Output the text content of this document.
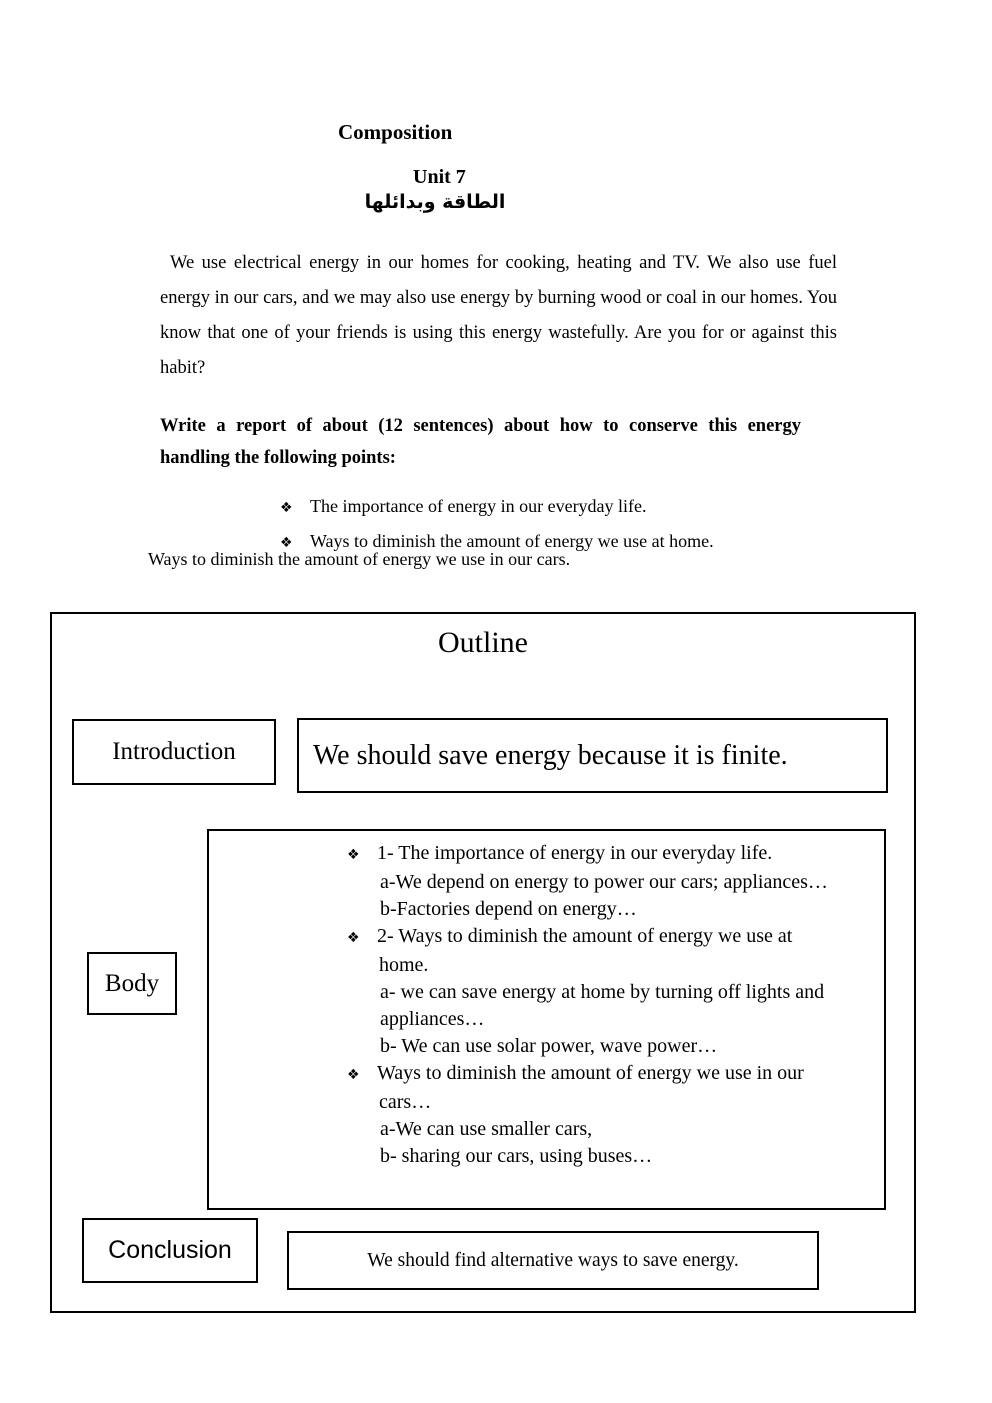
Composition
Unit 7
الطاقة وبدائلها
We use electrical energy in our homes for cooking, heating and TV. We also use fuel energy in our cars, and we may also use energy by burning wood or coal in our homes. You know that one of your friends is using this energy wastefully. Are you for or against this habit?
Write a report of about (12 sentences) about how to conserve this energy handling the following points:
❖ The importance of energy in our everyday life.
❖ Ways to diminish the amount of energy we use at home.
Ways to diminish the amount of energy we use in our cars.
Outline
Introduction	We should save energy because it is finite.
Body
❖ 1- The importance of energy in our everyday life.
a-We depend on energy to power our cars; appliances…
b-Factories depend on energy…
❖ 2- Ways to diminish the amount of energy we use at home.
a- we can save energy at home by turning off lights and appliances…
b- We can use solar power, wave power…
❖ Ways to diminish the amount of energy we use in our cars…
a-We can use smaller cars,
b- sharing our cars, using buses…
Conclusion	We should find alternative ways to save energy.
